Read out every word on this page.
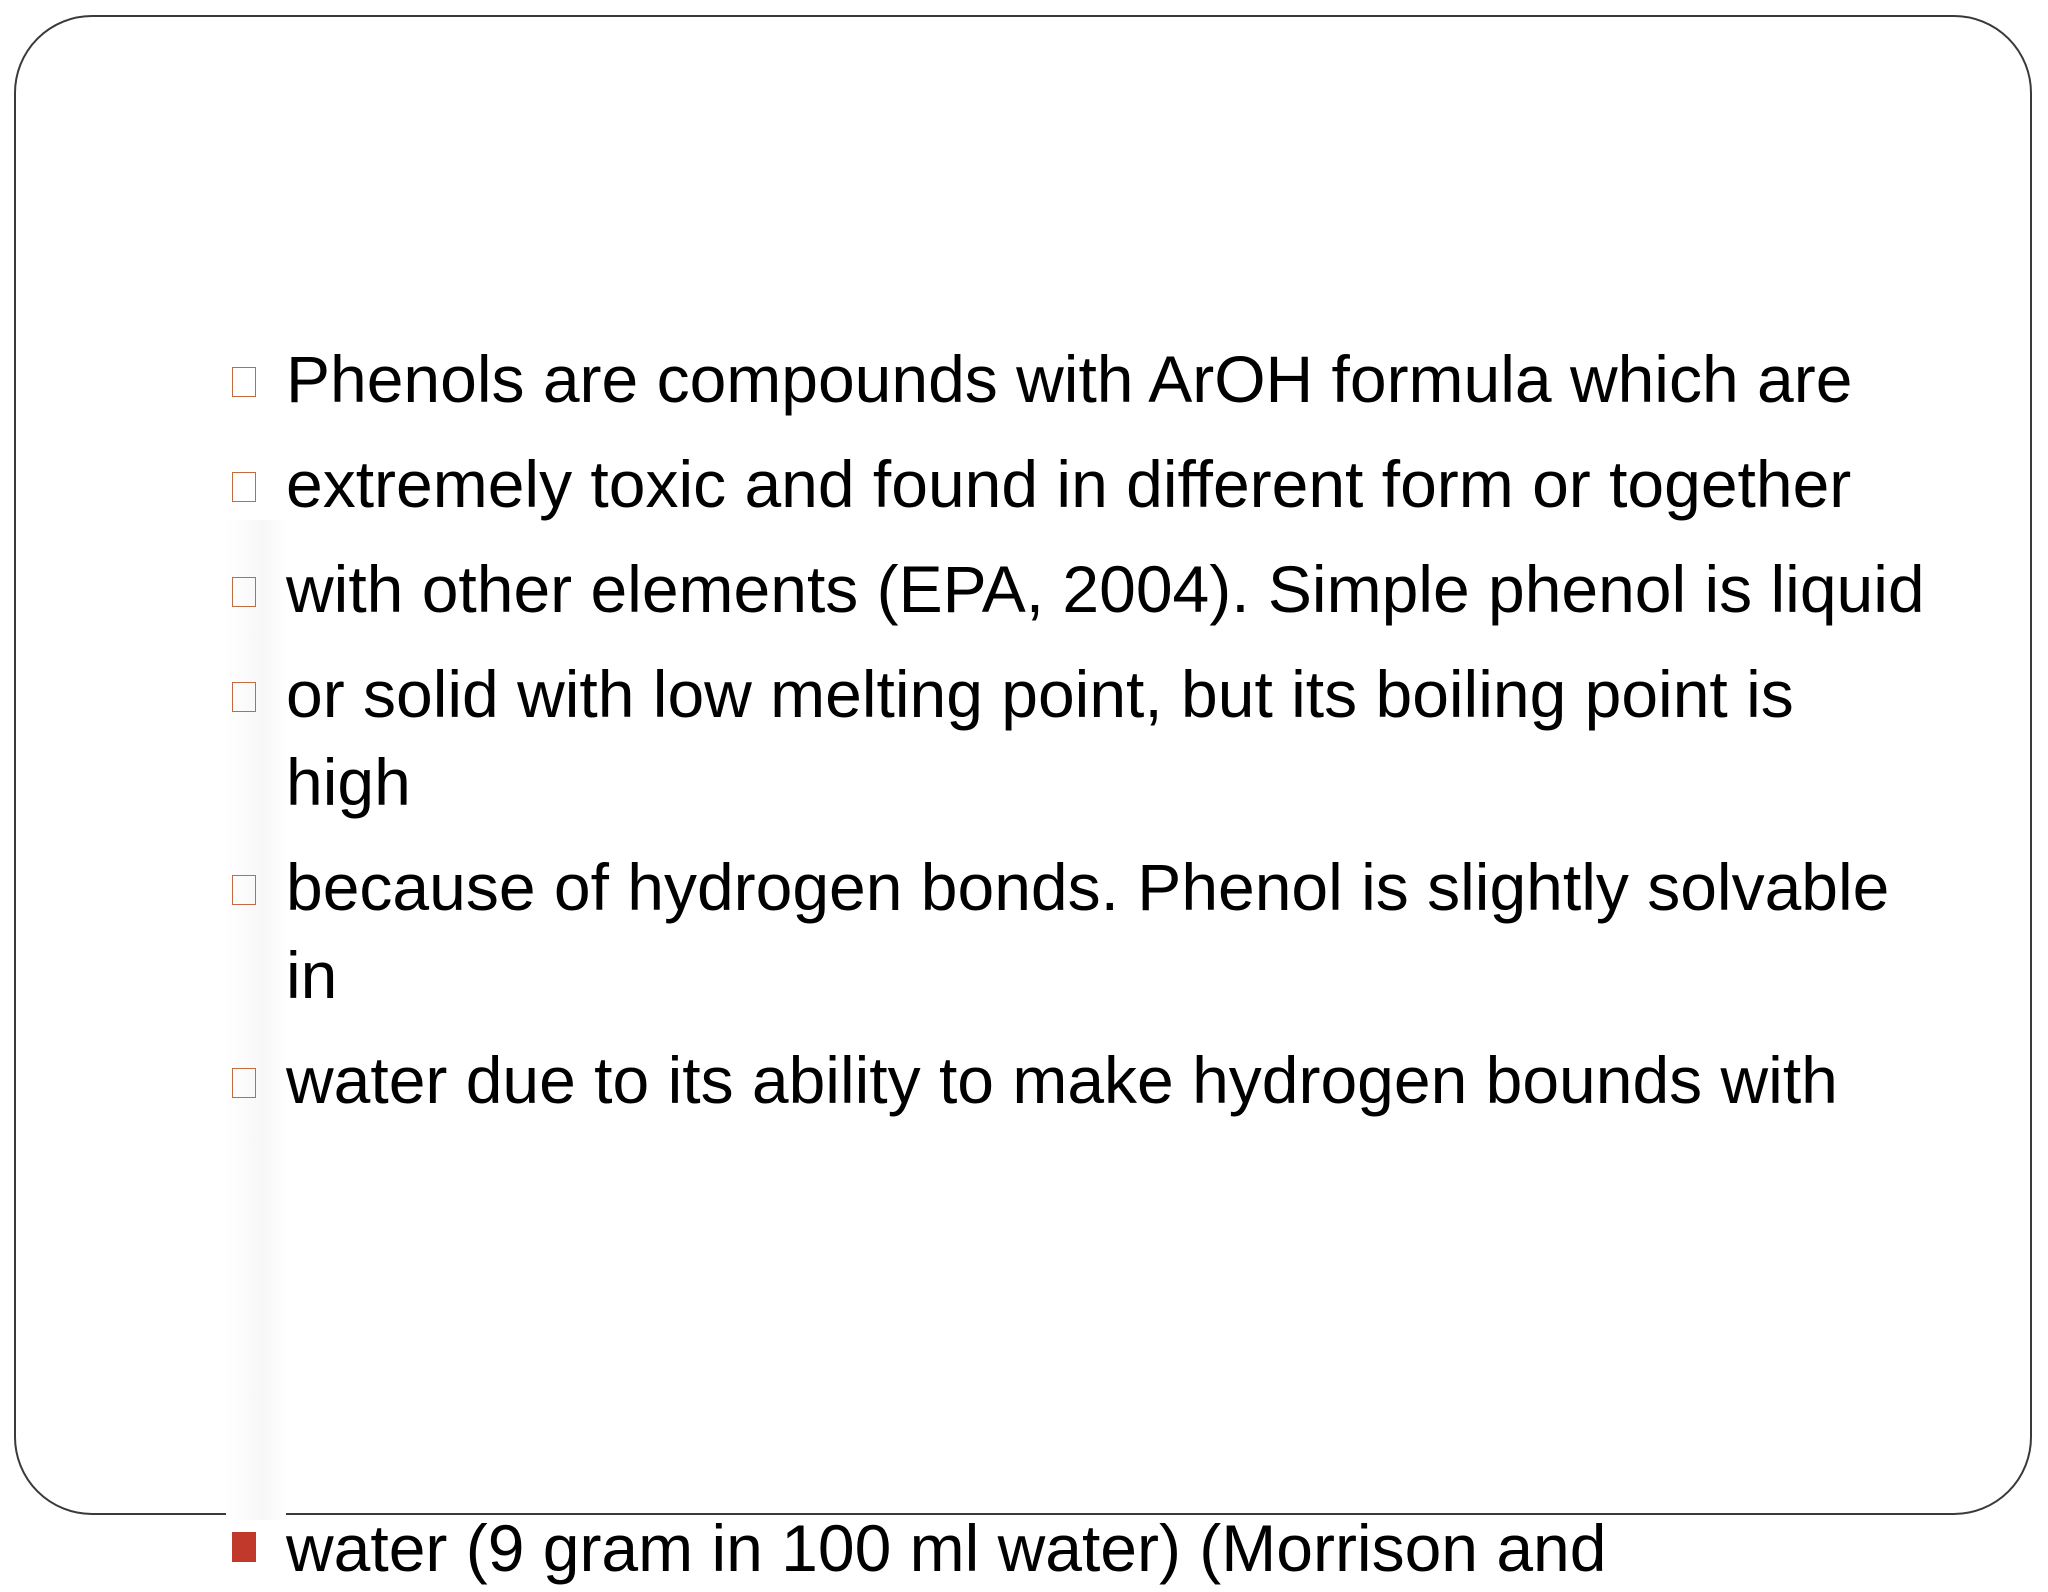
Phenols are compounds with ArOH formula which are
extremely toxic and found in different form or together
with other elements (EPA, 2004). Simple phenol is liquid
or solid with low melting point, but its boiling point is high
because of hydrogen bonds. Phenol is slightly solvable in
water due to its ability to make hydrogen bounds with
water (9 gram in 100 ml water) (Morrison and
